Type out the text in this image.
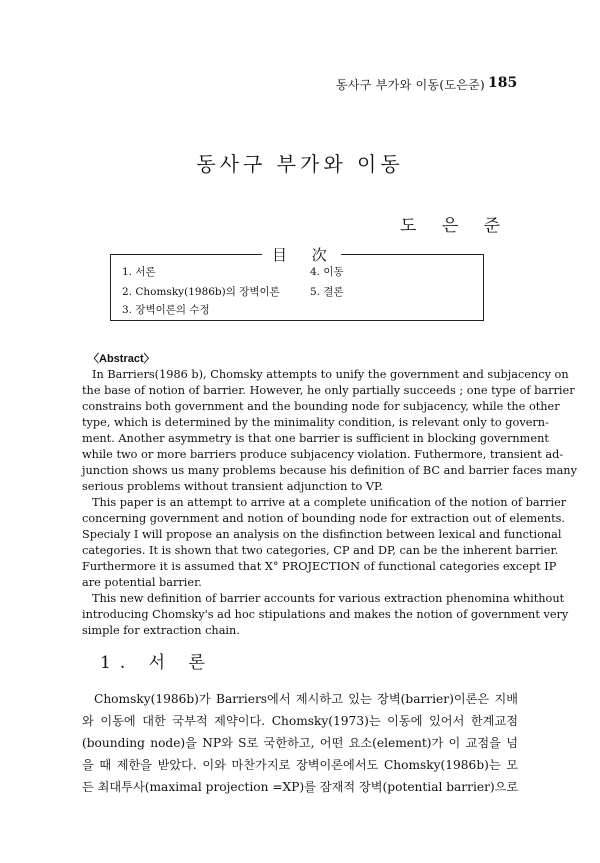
동사구 부가와 이동(도은준) 185
동사구 부가와 이동
도 은 준
目 次
1. 서론
2. Chomsky(1986b)의 장벽이론
3. 장벽이론의 수정
4. 이동
5. 결론
〈Abstract〉
In Barriers(1986 b), Chomsky attempts to unify the government and subjacency on
the base of notion of barrier. However, he only partially succeeds ; one type of barrier
constrains both government and the bounding node for subjacency, while the other
type, which is determined by the minimality condition, is relevant only to govern-
ment. Another asymmetry is that one barrier is sufficient in blocking government
while two or more barriers produce subjacency violation. Futhermore, transient ad-
junction shows us many problems because his definition of BC and barrier faces many
serious problems without transient adjunction to VP.
This paper is an attempt to arrive at a complete unification of the notion of barrier
concerning government and notion of bounding node for extraction out of elements.
Specialy I will propose an analysis on the disfinction between lexical and functional
categories. It is shown that two categories, CP and DP, can be the inherent barrier.
Furthermore it is assumed that X° PROJECTION of functional categories except IP
are potential barrier.
This new definition of barrier accounts for various extraction phenomina whithout
introducing Chomsky's ad hoc stipulations and makes the notion of government very
simple for extraction chain.
1. 서 론
Chomsky(1986b)가 Barriers에서 제시하고 있는 장벽(barrier)이론은 지배
와 이동에 대한 국부적 제약이다. Chomsky(1973)는 이동에 있어서 한계교점
(bounding node)을 NP와 S로 국한하고, 어떤 요소(element)가 이 교점을 넘
을 때 제한을 받았다. 이와 마찬가지로 장벽이론에서도 Chomsky(1986b)는 모
든 최대투사(maximal projection =XP)를 잠재적 장벽(potential barrier)으로
